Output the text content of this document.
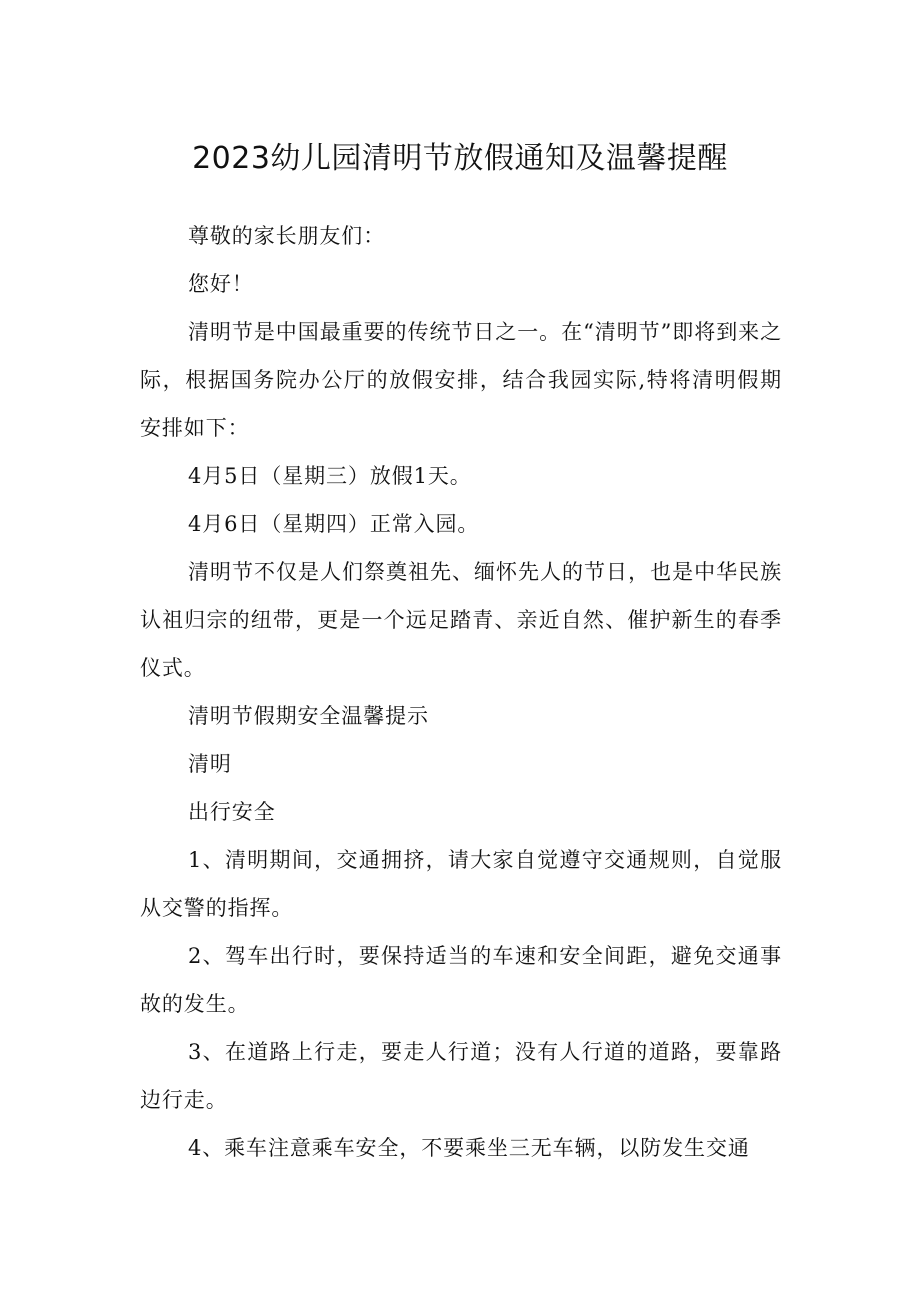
2023幼儿园清明节放假通知及温馨提醒

尊敬的家长朋友们：

您好！

清明节是中国最重要的传统节日之一。在“清明节”即将到来之际，根据国务院办公厅的放假安排，结合我园实际,特将清明假期安排如下：

4月5日（星期三）放假1天。

4月6日（星期四）正常入园。

清明节不仅是人们祭奠祖先、缅怀先人的节日，也是中华民族认祖归宗的纽带，更是一个远足踏青、亲近自然、催护新生的春季仪式。

清明节假期安全温馨提示

清明

出行安全

1、清明期间，交通拥挤，请大家自觉遵守交通规则，自觉服从交警的指挥。

2、驾车出行时，要保持适当的车速和安全间距，避免交通事故的发生。

3、在道路上行走，要走人行道；没有人行道的道路，要靠路边行走。

4、乘车注意乘车安全，不要乘坐三无车辆，以防发生交通
